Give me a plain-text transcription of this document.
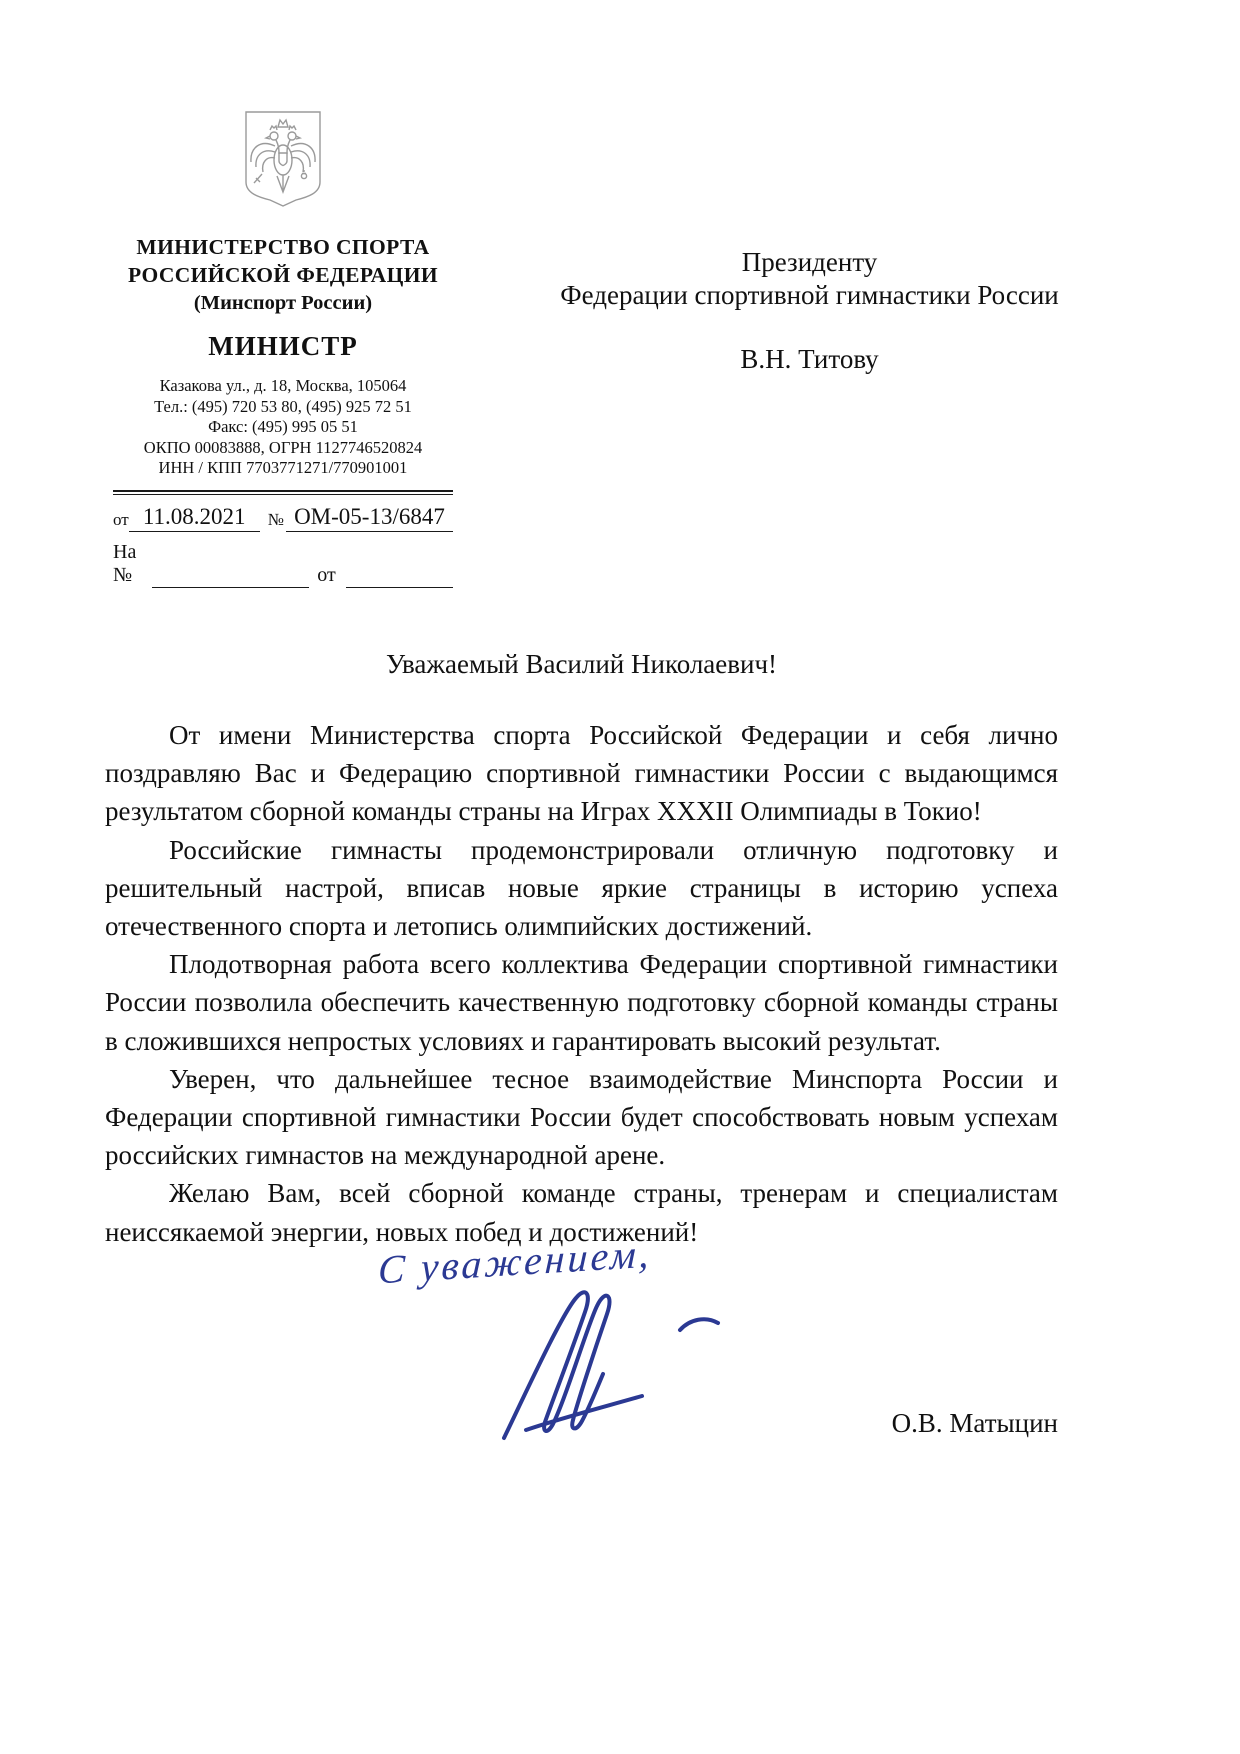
МИНИСТЕРСТВО СПОРТА
РОССИЙСКОЙ ФЕДЕРАЦИИ
(Минспорт России)
МИНИСТР
Казакова ул., д. 18, Москва, 105064
Тел.: (495) 720 53 80, (495) 925 72 51
Факс: (495) 995 05 51
ОКПО 00083888, ОГРН 1127746520824
ИНН / КПП 7703771271/770901001
от 11.08.2021	№ ОМ-05-13/6847
На №	от
Президенту
Федерации спортивной гимнастики России
В.Н. Титову
Уважаемый Василий Николаевич!

От имени Министерства спорта Российской Федерации и себя лично поздравляю Вас и Федерацию спортивной гимнастики России с выдающимся результатом сборной команды страны на Играх XXXII Олимпиады в Токио!

Российские гимнасты продемонстрировали отличную подготовку и решительный настрой, вписав новые яркие страницы в историю успеха отечественного спорта и летопись олимпийских достижений.

Плодотворная работа всего коллектива Федерации спортивной гимнастики России позволила обеспечить качественную подготовку сборной команды страны в сложившихся непростых условиях и гарантировать высокий результат.

Уверен, что дальнейшее тесное взаимодействие Минспорта России и Федерации спортивной гимнастики России будет способствовать новым успехам российских гимнастов на международной арене.

Желаю Вам, всей сборной команде страны, тренерам и специалистам неиссякаемой энергии, новых побед и достижений!

С уважением,
О.В. Матыцин
